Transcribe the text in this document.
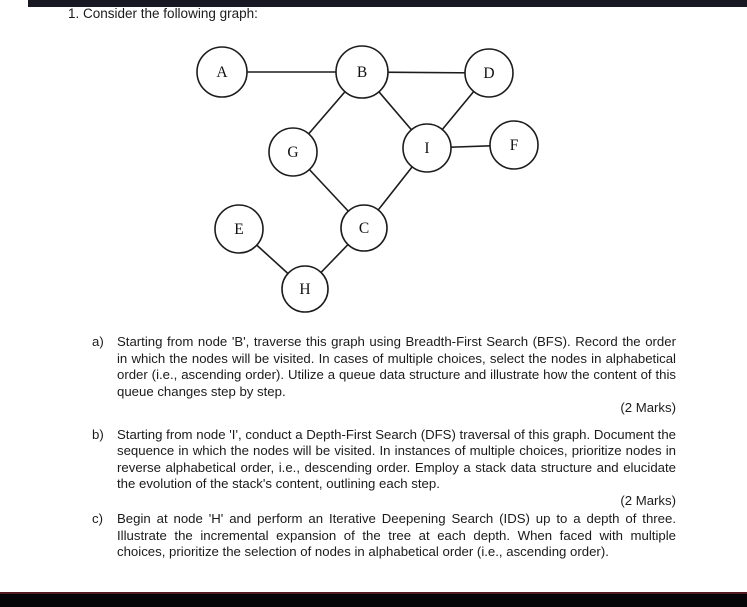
1. Consider the following graph:
A	B	D
G	I	F
E	C
H
a)	Starting from node 'B', traverse this graph using Breadth-First Search (BFS). Record the order in which the nodes will be visited. In cases of multiple choices, select the nodes in alphabetical order (i.e., ascending order). Utilize a queue data structure and illustrate how the content of this queue changes step by step.

(2 Marks)
b)	Starting from node 'I', conduct a Depth-First Search (DFS) traversal of this graph. Document the sequence in which the nodes will be visited. In instances of multiple choices, prioritize nodes in reverse alphabetical order, i.e., descending order. Employ a stack data structure and elucidate the evolution of the stack's content, outlining each step.

(2 Marks)
c)	Begin at node 'H' and perform an Iterative Deepening Search (IDS) up to a depth of three. Illustrate the incremental expansion of the tree at each depth. When faced with multiple choices, prioritize the selection of nodes in alphabetical order (i.e., ascending order).
